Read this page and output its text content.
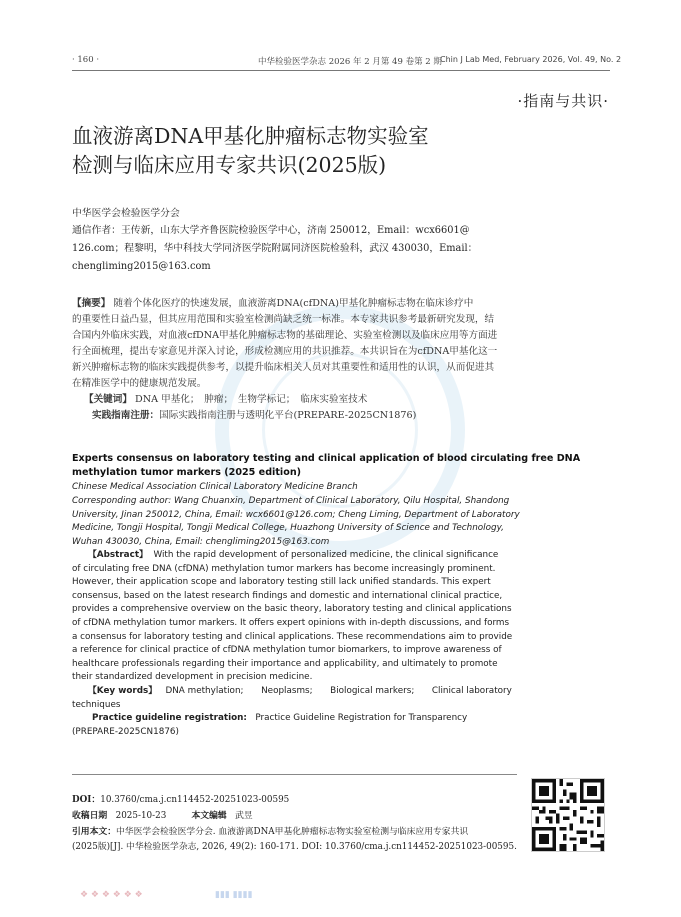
· 160 ·	中华检验医学杂志 2026 年 2 月第 49 卷第 2 期
Chin J Lab Med, February 2026, Vol. 49, No. 2
·指南与共识·
血液游离DNA甲基化肿瘤标志物实验室
检测与临床应用专家共识(2025版)
中华医学会检验医学分会
通信作者：王传新，山东大学齐鲁医院检验医学中心，济南 250012，Email：wcx6601@
126.com；程黎明，华中科技大学同济医学院附属同济医院检验科，武汉 430030，Email：
chengliming2015@163.com
【摘要】 随着个体化医疗的快速发展，血液游离DNA(cfDNA)甲基化肿瘤标志物在临床诊疗中
的重要性日益凸显，但其应用范围和实验室检测尚缺乏统一标准。本专家共识参考最新研究发现，结
合国内外临床实践，对血液cfDNA甲基化肿瘤标志物的基础理论、实验室检测以及临床应用等方面进
行全面梳理，提出专家意见并深入讨论，形成检测应用的共识推荐。本共识旨在为cfDNA甲基化这一
新兴肿瘤标志物的临床实践提供参考，以提升临床相关人员对其重要性和适用性的认识，从而促进其
在精准医学中的健康规范发展。
【关键词】 DNA 甲基化；　肿瘤；　生物学标记；　临床实验室技术
实践指南注册：国际实践指南注册与透明化平台(PREPARE-2025CN1876)
Experts consensus on laboratory testing and clinical application of blood circulating free DNA
methylation tumor markers (2025 edition)
Chinese Medical Association Clinical Laboratory Medicine Branch
Corresponding author: Wang Chuanxin, Department of Clinical Laboratory, Qilu Hospital, Shandong
University, Jinan 250012, China, Email: wcx6601@126.com; Cheng Liming, Department of Laboratory
Medicine, Tongji Hospital, Tongji Medical College, Huazhong University of Science and Technology,
Wuhan 430030, China, Email: chengliming2015@163.com
【Abstract】 With the rapid development of personalized medicine, the clinical significance
of circulating free DNA (cfDNA) methylation tumor markers has become increasingly prominent.
However, their application scope and laboratory testing still lack unified standards. This expert
consensus, based on the latest research findings and domestic and international clinical practice,
provides a comprehensive overview on the basic theory, laboratory testing and clinical applications
of cfDNA methylation tumor markers. It offers expert opinions with in-depth discussions, and forms
a consensus for laboratory testing and clinical applications. These recommendations aim to provide
a reference for clinical practice of cfDNA methylation tumor biomarkers, to improve awareness of
healthcare professionals regarding their importance and applicability, and ultimately to promote
their standardized development in precision medicine.
【Key words】 DNA methylation;　　Neoplasms;　　Biological markers;　　Clinical laboratory
techniques
Practice guideline registration: Practice Guideline Registration for Transparency
(PREPARE-2025CN1876)
DOI：10.3760/cma.j.cn114452-20251023-00595
收稿日期 2025-10-23	本文编辑 武昱
引用本文：中华医学会检验医学分会. 血液游离DNA甲基化肿瘤标志物实验室检测与临床应用专家共识
(2025版)[J]. 中华检验医学杂志, 2026, 49(2): 160-171. DOI: 10.3760/cma.j.cn114452-20251023-00595.
❖ ❖ ❖ ❖ ❖ ❖	▮▮▮ ▮▮▮▮
